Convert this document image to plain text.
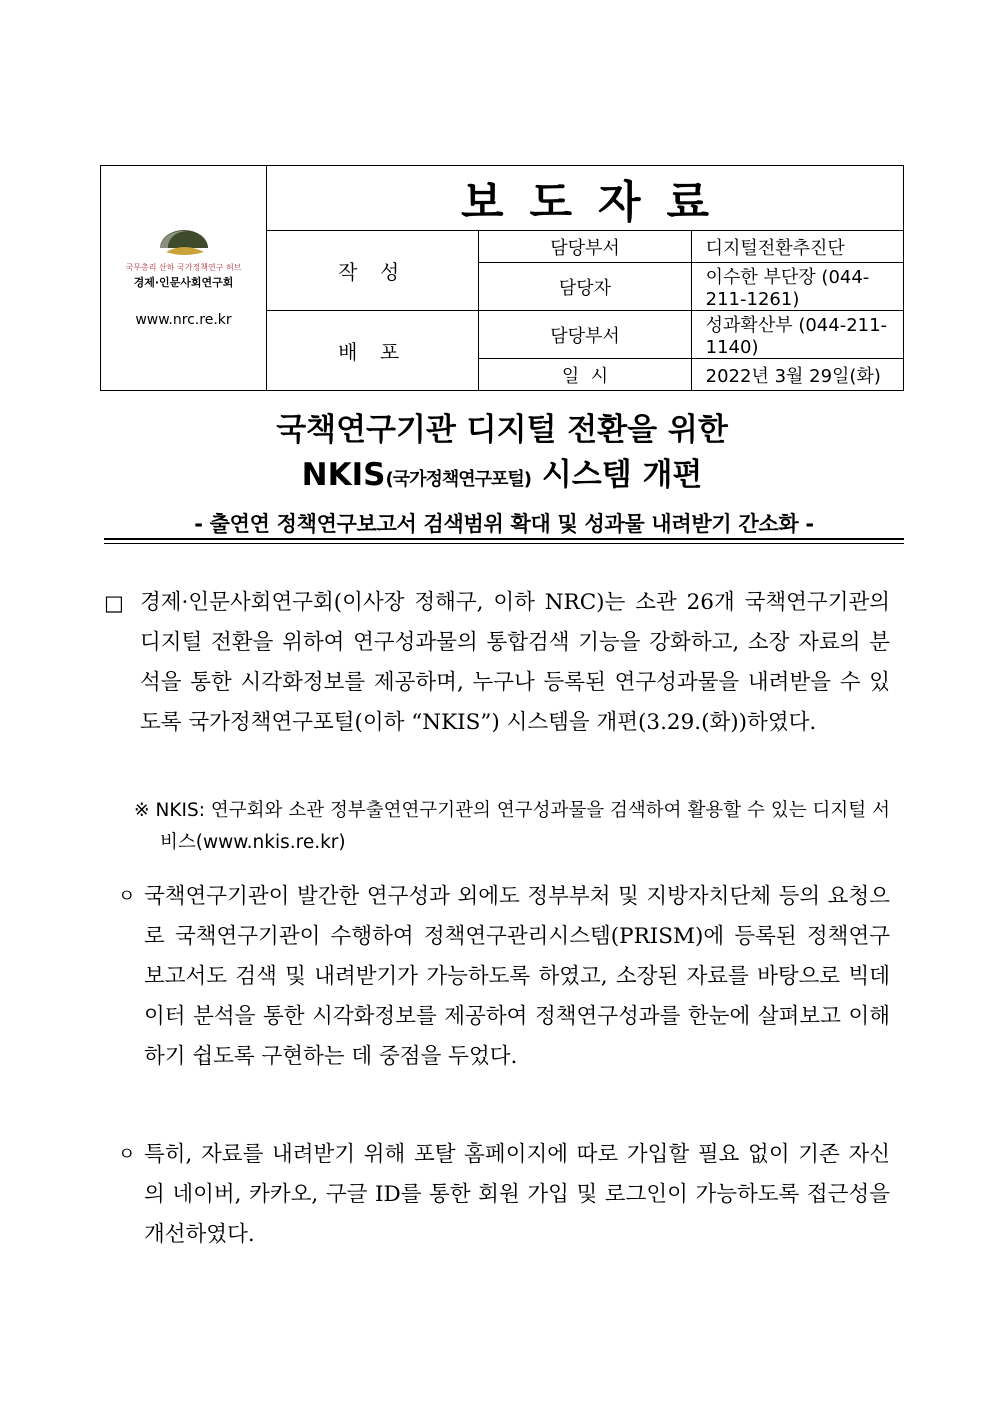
국무총리 산하 국가정책연구 허브
경제·인문사회연구회
www.nrc.re.kr	보도자료		
	작 성	담당부서	디지털전환추진단
		담당자	이수한 부단장 (044-211-1261)
	배 포	담당부서	성과확산부 (044-211-1140)
		일  시	2022년 3월 29일(화)
국책연구기관 디지털 전환을 위한
NKIS(국가정책연구포털) 시스템 개편
- 출연연 정책연구보고서 검색범위 확대 및 성과물 내려받기 간소화 -
□ 경제·인문사회연구회(이사장 정해구, 이하 NRC)는 소관 26개 국책연구기관의 디지털 전환을 위하여 연구성과물의 통합검색 기능을 강화하고, 소장 자료의 분석을 통한 시각화정보를 제공하며, 누구나 등록된 연구성과물을 내려받을 수 있도록 국가정책연구포털(이하 “NKIS”) 시스템을 개편(3.29.(화))하였다.
※ NKIS: 연구회와 소관 정부출연연구기관의 연구성과물을 검색하여 활용할 수 있는 디지털 서비스(www.nkis.re.kr)
ㅇ 국책연구기관이 발간한 연구성과 외에도 정부부처 및 지방자치단체 등의 요청으로 국책연구기관이 수행하여 정책연구관리시스템(PRISM)에 등록된 정책연구보고서도 검색 및 내려받기가 가능하도록 하였고, 소장된 자료를 바탕으로 빅데이터 분석을 통한 시각화정보를 제공하여 정책연구성과를 한눈에 살펴보고 이해하기 쉽도록 구현하는 데 중점을 두었다.
ㅇ 특히, 자료를 내려받기 위해 포탈 홈페이지에 따로 가입할 필요 없이 기존 자신의 네이버, 카카오, 구글 ID를 통한 회원 가입 및 로그인이 가능하도록 접근성을 개선하였다.
